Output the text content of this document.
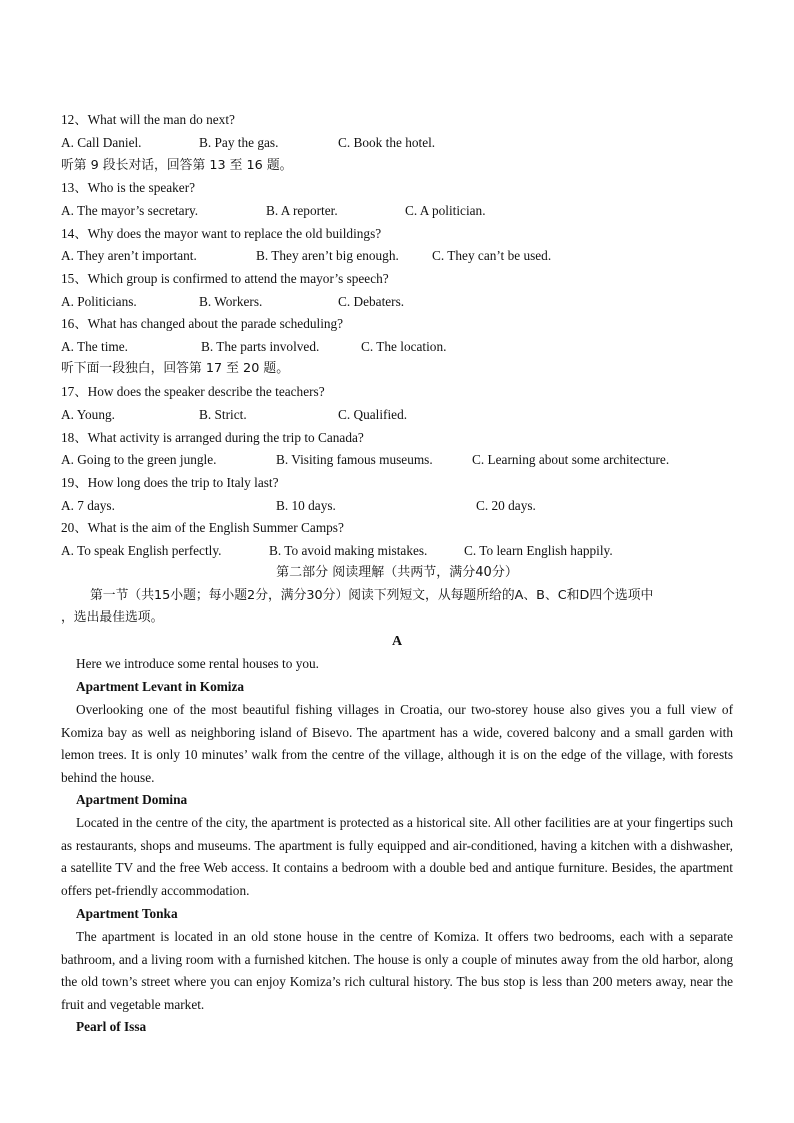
12、What will the man do next?
A. Call Daniel.	B. Pay the gas.	C. Book the hotel.
听第 9 段长对话，回答第 13 至 16 题。
13、Who is the speaker?
A. The mayor’s secretary.	B. A reporter.	C. A politician.
14、Why does the mayor want to replace the old buildings?
A. They aren’t important.	B. They aren’t big enough. C. They can’t be used.
15、Which group is confirmed to attend the mayor’s speech?
A. Politicians.	B. Workers.	C. Debaters.
16、What has changed about the parade scheduling?
A. The time.	B. The parts involved.	C. The location.
听下面一段独白，回答第 17 至 20 题。
17、How does the speaker describe the teachers?
A. Young.	B. Strict.	C. Qualified.
18、What activity is arranged during the trip to Canada?
A. Going to the green jungle.	B. Visiting famous museums.	C. Learning about some architecture.
19、How long does the trip to Italy last?
A. 7 days.	B. 10 days.	C. 20 days.
20、What is the aim of the English Summer Camps?
A. To speak English perfectly.	B. To avoid making mistakes.	C. To learn English happily.
第二部分 阅读理解（共两节，满分40分）
第一节（共15小题；每小题2分，满分30分）阅读下列短文，从每题所给的A、B、C和D四个选项中
，选出最佳选项。
A
Here we introduce some rental houses to you.
Apartment Levant in Komiza
Overlooking one of the most beautiful fishing villages in Croatia, our two-storey house also gives you a full view of Komiza bay as well as neighboring island of Bisevo. The apartment has a wide, covered balcony and a small garden with lemon trees. It is only 10 minutes’ walk from the centre of the village, although it is on the edge of the village, with forests behind the house.
Apartment Domina
Located in the centre of the city, the apartment is protected as a historical site. All other facilities are at your fingertips such as restaurants, shops and museums. The apartment is fully equipped and air-conditioned, having a kitchen with a dishwasher, a satellite TV and the free Web access. It contains a bedroom with a double bed and antique furniture. Besides, the apartment offers pet-friendly accommodation.
Apartment Tonka
The apartment is located in an old stone house in the centre of Komiza. It offers two bedrooms, each with a separate bathroom, and a living room with a furnished kitchen. The house is only a couple of minutes away from the old harbor, along the old town’s street where you can enjoy Komiza’s rich cultural history. The bus stop is less than 200 meters away, near the fruit and vegetable market.
Pearl of Issa
